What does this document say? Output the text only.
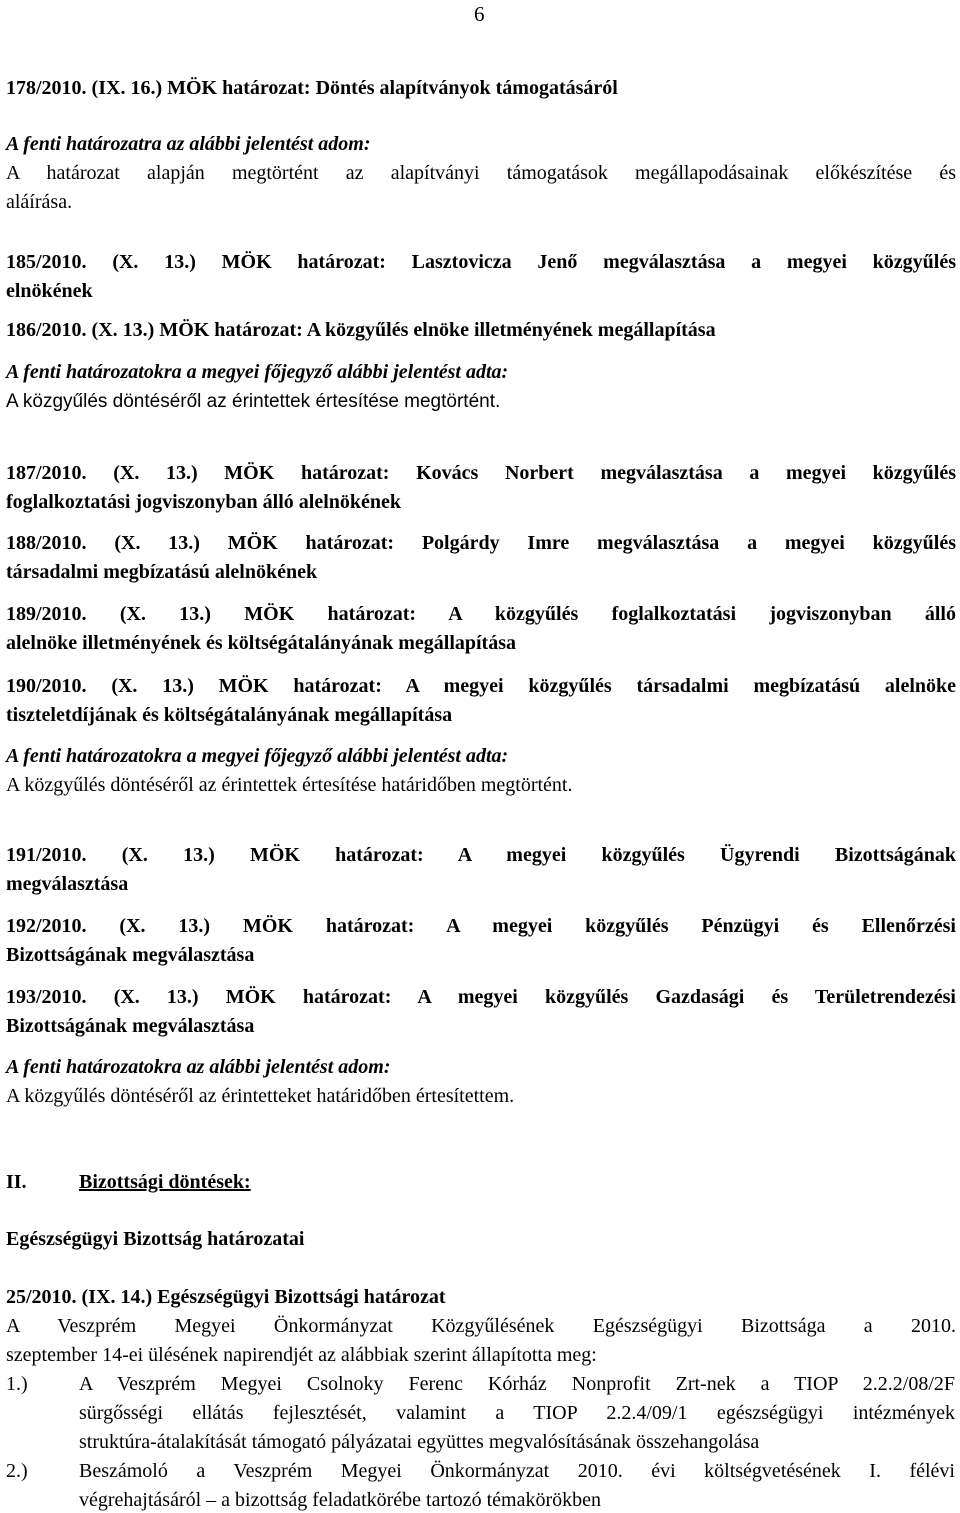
6
178/2010. (IX. 16.) MÖK határozat: Döntés alapítványok támogatásáról
A fenti határozatra az alábbi jelentést adom:
A határozat alapján megtörtént az alapítványi támogatások megállapodásainak előkészítése és
aláírása.
185/2010. (X. 13.) MÖK határozat: Lasztovicza Jenő megválasztása a megyei közgyűlés
elnökének
186/2010. (X. 13.) MÖK határozat: A közgyűlés elnöke illetményének megállapítása
A fenti határozatokra a megyei főjegyző alábbi jelentést adta:
A közgyűlés döntéséről az érintettek értesítése megtörtént.
187/2010. (X. 13.) MÖK határozat: Kovács Norbert megválasztása a megyei közgyűlés
foglalkoztatási jogviszonyban álló alelnökének
188/2010. (X. 13.) MÖK határozat: Polgárdy Imre megválasztása a megyei közgyűlés
társadalmi megbízatású alelnökének
189/2010. (X. 13.) MÖK határozat: A közgyűlés foglalkoztatási jogviszonyban álló
alelnöke illetményének és költségátalányának megállapítása
190/2010. (X. 13.) MÖK határozat: A megyei közgyűlés társadalmi megbízatású alelnöke
tiszteletdíjának és költségátalányának megállapítása
A fenti határozatokra a megyei főjegyző alábbi jelentést adta:
A közgyűlés döntéséről az érintettek értesítése határidőben megtörtént.
191/2010. (X. 13.) MÖK határozat: A megyei közgyűlés Ügyrendi Bizottságának
megválasztása
192/2010. (X. 13.) MÖK határozat: A megyei közgyűlés Pénzügyi és Ellenőrzési
Bizottságának megválasztása
193/2010. (X. 13.) MÖK határozat: A megyei közgyűlés Gazdasági és Területrendezési
Bizottságának megválasztása
A fenti határozatokra az alábbi jelentést adom:
A közgyűlés döntéséről az érintetteket határidőben értesítettem.
II.	Bizottsági döntések:
Egészségügyi Bizottság határozatai
25/2010. (IX. 14.) Egészségügyi Bizottsági határozat
A Veszprém Megyei Önkormányzat Közgyűlésének Egészségügyi Bizottsága a 2010.
szeptember 14-ei ülésének napirendjét az alábbiak szerint állapította meg:
1.)	A Veszprém Megyei Csolnoky Ferenc Kórház Nonprofit Zrt-nek a TIOP 2.2.2/08/2F
sürgősségi ellátás fejlesztését, valamint a TIOP 2.2.4/09/1 egészségügyi intézmények
struktúra-átalakítását támogató pályázatai együttes megvalósításának összehangolása
2.)	Beszámoló a Veszprém Megyei Önkormányzat 2010. évi költségvetésének I. félévi
végrehajtásáról – a bizottság feladatkörébe tartozó témakörökben
